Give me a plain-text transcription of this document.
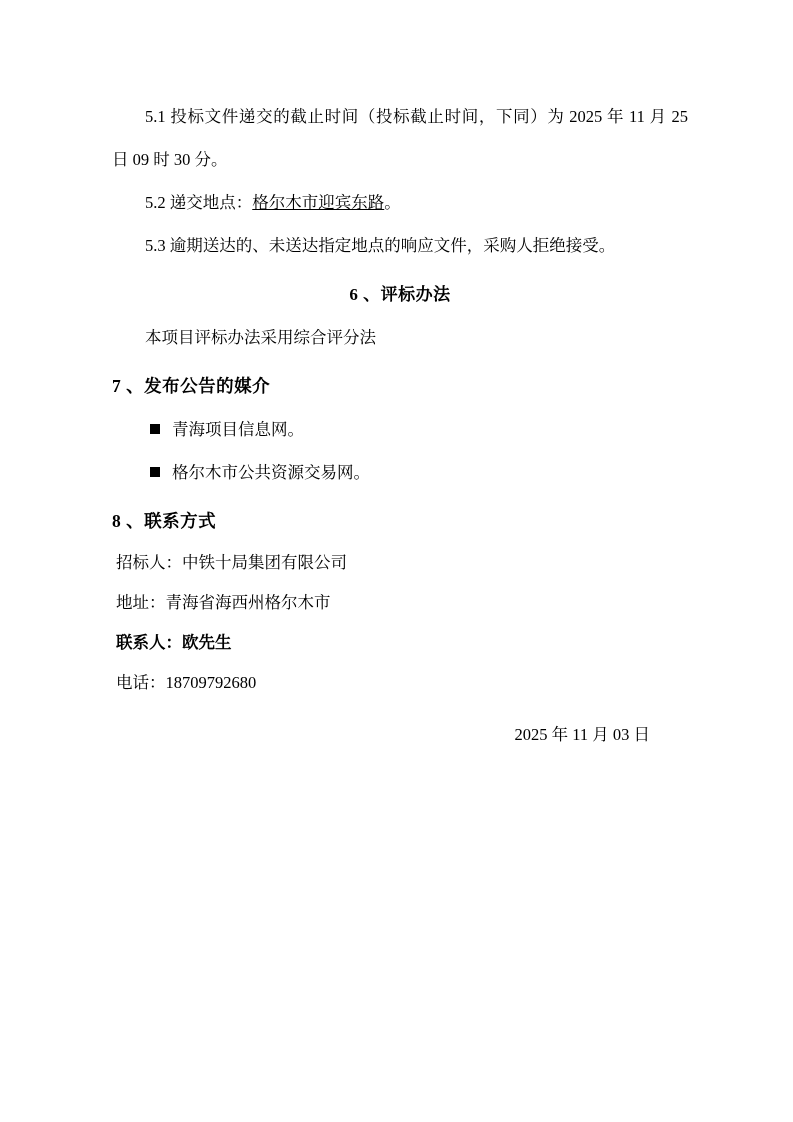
5.1 投标文件递交的截止时间（投标截止时间，下同）为 2025 年 11 月 25 日 09 时 30 分。

5.2 递交地点：格尔木市迎宾东路。

5.3 逾期送达的、未送达指定地点的响应文件，采购人拒绝接受。

6 、评标办法

本项目评标办法采用综合评分法

7 、发布公告的媒介

青海项目信息网。

格尔木市公共资源交易网。

8 、联系方式

招标人：中铁十局集团有限公司

地址：青海省海西州格尔木市

联系人：欧先生

电话：18709792680

2025 年 11 月 03 日
